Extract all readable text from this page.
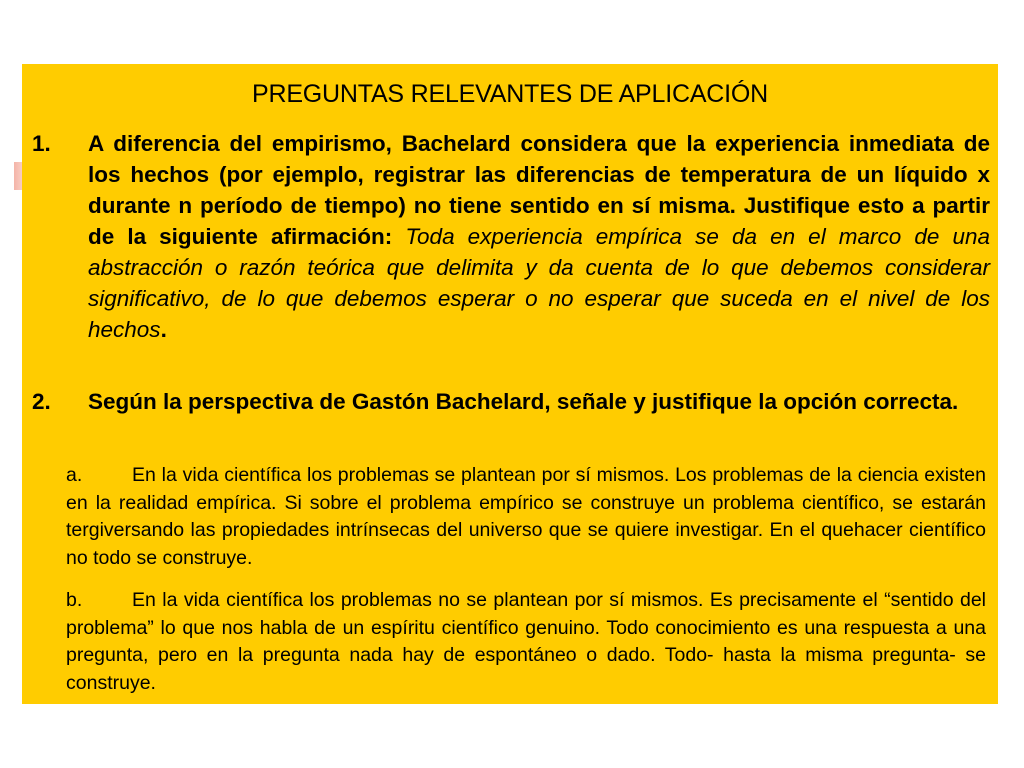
PREGUNTAS RELEVANTES DE APLICACIÓN
1.	A diferencia del empirismo, Bachelard considera que la experiencia inmediata de los hechos (por ejemplo, registrar las diferencias de temperatura de un líquido x durante n período de tiempo) no tiene sentido en sí misma. Justifique esto a partir de la siguiente afirmación: Toda experiencia empírica se da en el marco de una abstracción o razón teórica que delimita y da cuenta de lo que debemos considerar significativo, de lo que debemos esperar o no esperar que suceda en el nivel de los hechos.
2.	Según la perspectiva de Gastón Bachelard, señale y justifique la opción correcta.
a.	En la vida científica los problemas se plantean por sí mismos. Los problemas de la ciencia existen en la realidad empírica. Si sobre el problema empírico se construye un problema científico, se estarán tergiversando las propiedades intrínsecas del universo que se quiere investigar. En el quehacer científico no todo se construye.
b.	En la vida científica los problemas no se plantean por sí mismos. Es precisamente el “sentido del problema” lo que nos habla de un espíritu científico genuino. Todo conocimiento es una respuesta a una pregunta, pero en la pregunta nada hay de espontáneo o dado. Todo- hasta la misma pregunta- se construye.
